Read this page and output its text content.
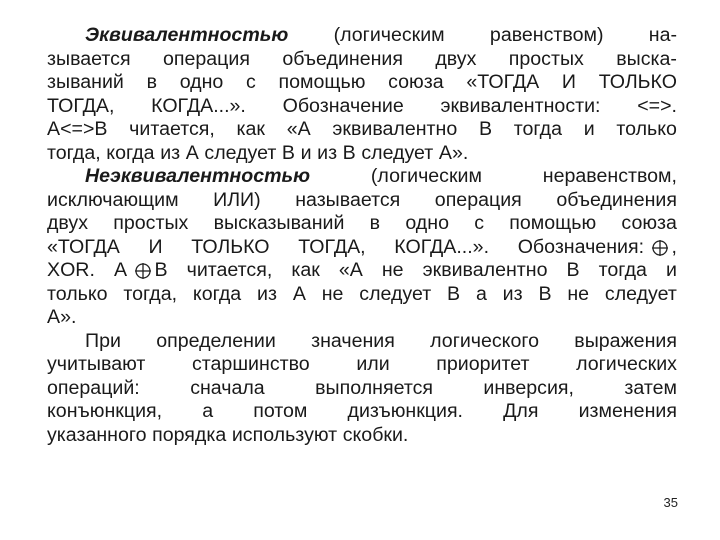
Эквивалентностью (логическим равенством) на-
зывается операция объединения двух простых выска-
зываний в одно с помощью союза «ТОГДА И ТОЛЬКО
ТОГДА, КОГДА...». Обозначение эквивалентности: <=>.
A<=>B читается, как «А эквивалентно В тогда и только
тогда, когда из А следует В и из В следует А».
Неэквивалентностью	(логическим	неравенством,
исключающим ИЛИ) называется операция объединения
двух простых высказываний в одно с помощью союза
«ТОГДА И ТОЛЬКО ТОГДА, КОГДА...». Обозначения: ,
XOR. А B читается, как «А не эквивалентно В тогда и
только тогда, когда из А не следует В а из В не следует
А».
При определении значения логического выражения
учитывают старшинство или приоритет логических
операций:	сначала	выполняется	инверсия,	затем
конъюнкция, а потом дизъюнкция. Для изменения
указанного порядка используют скобки.
35
